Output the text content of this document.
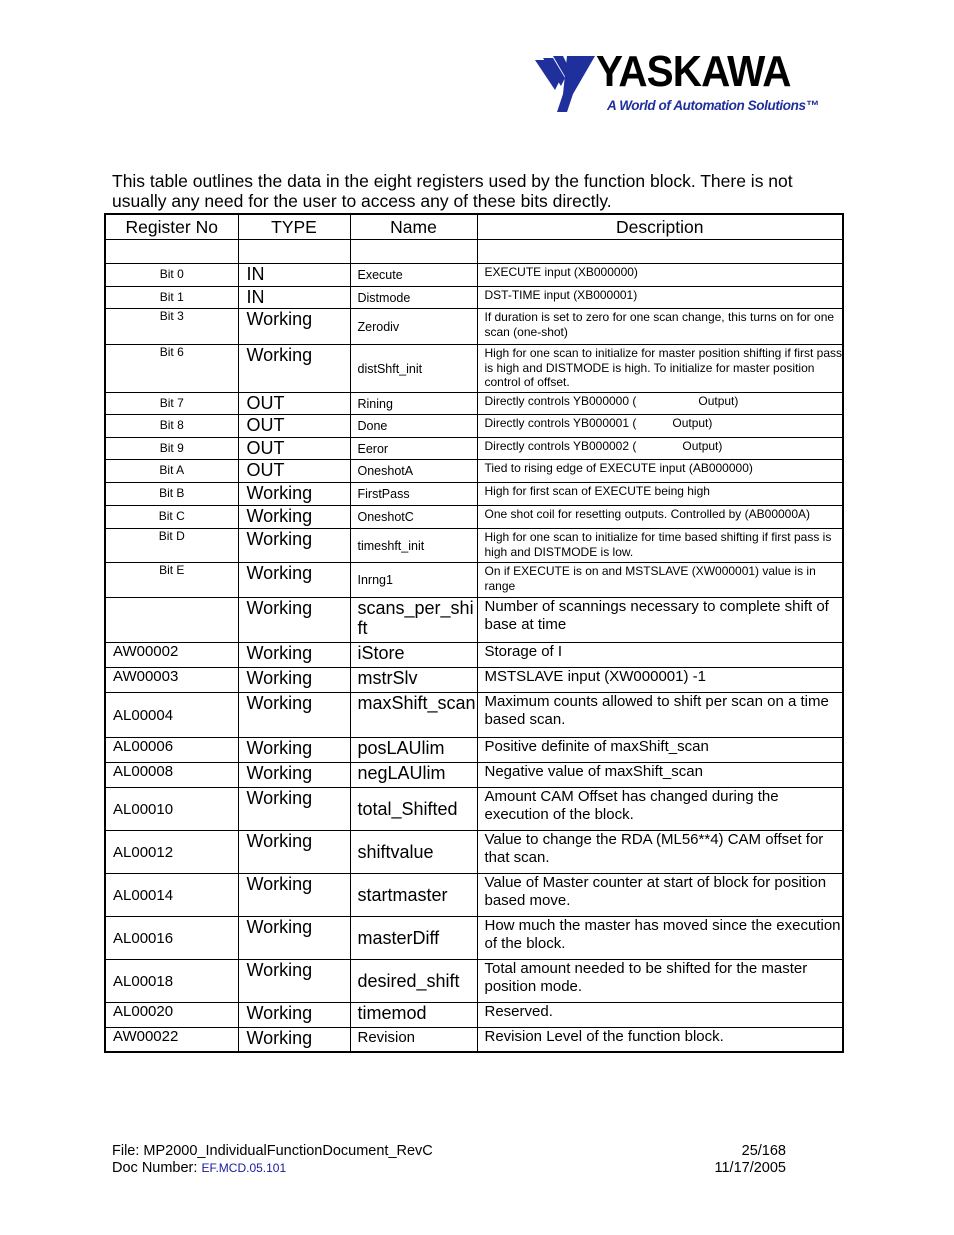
YASKAWA
A World of Automation Solutions™
This table outlines the data in the eight registers used by the function block. There is not usually any need for the user to access any of these bits directly.
Register No	TYPE	Name	Description

Bit 0	IN	Execute	EXECUTE input (XB000000)
Bit 1	IN	Distmode	DST-TIME input (XB000001)
Bit 3	Working	Zerodiv	If duration is set to zero for one scan change, this turns on for one scan (one-shot)
Bit 6	Working	distShft_init	High for one scan to initialize for master position shifting if first pass is high and DISTMODE is high. To initialize for master position control of offset.
Bit 7	OUT	Rining	Directly controls YB000000 ( Output)
Bit 8	OUT	Done	Directly controls YB000001 ( Output)
Bit 9	OUT	Eeror	Directly controls YB000002 ( Output)
Bit A	OUT	OneshotA	Tied to rising edge of EXECUTE input (AB000000)
Bit B	Working	FirstPass	High for first scan of EXECUTE being high
Bit C	Working	OneshotC	One shot coil for resetting outputs. Controlled by (AB00000A)
Bit D	Working	timeshft_init	High for one scan to initialize for time based shifting if first pass is high and DISTMODE is low.
Bit E	Working	Inrng1	On if EXECUTE is on and MSTSLAVE (XW000001) value is in range
	Working	scans_per_shift	Number of scannings necessary to complete shift of base at time
AW00002	Working	iStore	Storage of I
AW00003	Working	mstrSlv	MSTSLAVE input (XW000001) -1
AL00004	Working	maxShift_scan	Maximum counts allowed to shift per scan on a time based scan.
AL00006	Working	posLAUlim	Positive definite of maxShift_scan
AL00008	Working	negLAUlim	Negative value of maxShift_scan
AL00010	Working	total_Shifted	Amount CAM Offset has changed during the execution of the block.
AL00012	Working	shiftvalue	Value to change the RDA (ML56**4) CAM offset for that scan.
AL00014	Working	startmaster	Value of Master counter at start of block for position based move.
AL00016	Working	masterDiff	How much the master has moved since the execution of the block.
AL00018	Working	desired_shift	Total amount needed to be shifted for the master position mode.
AL00020	Working	timemod	Reserved.
AW00022	Working	Revision	Revision Level of the function block.
File: MP2000_IndividualFunctionDocument_RevC	25/168
Doc Number: EF.MCD.05.101	11/17/2005
